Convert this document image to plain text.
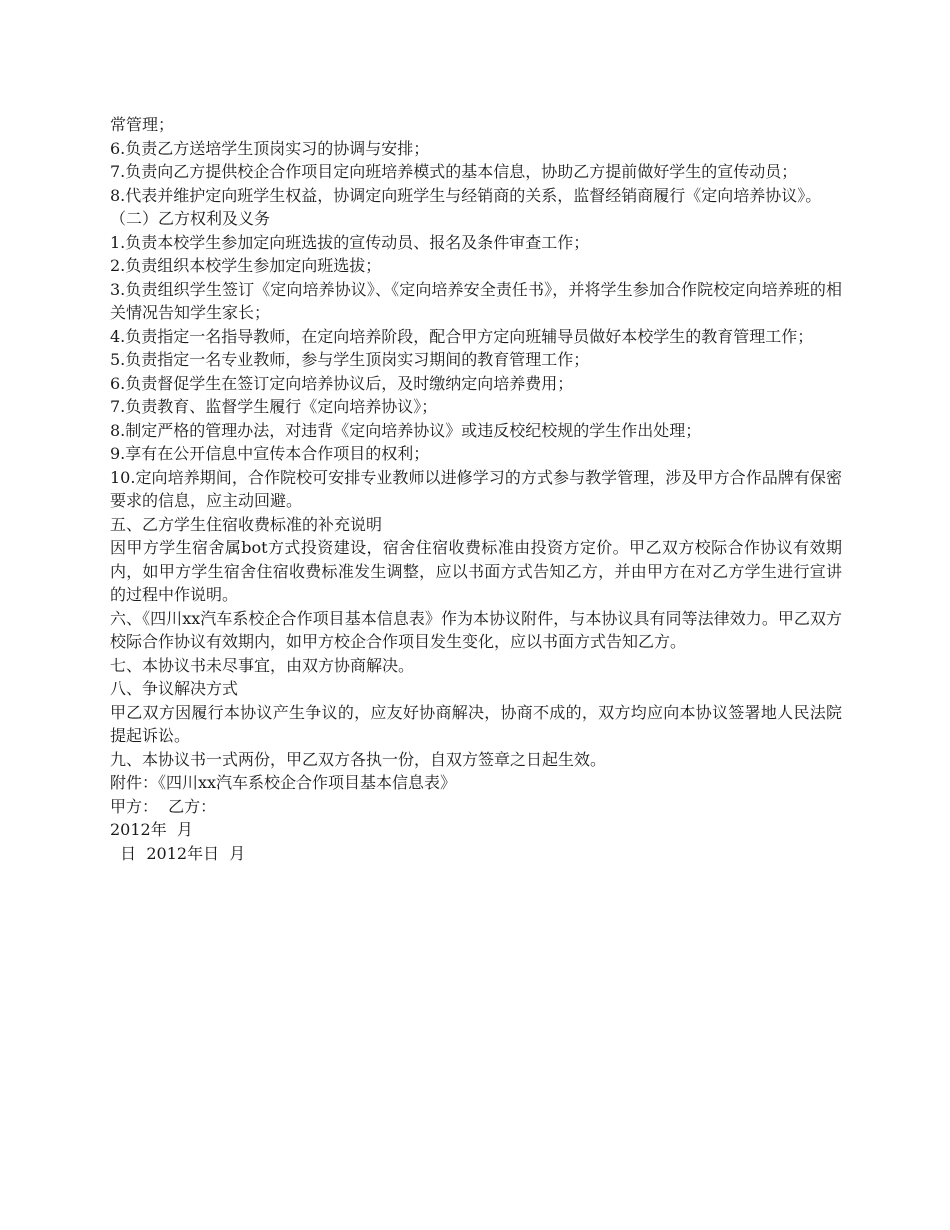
常管理；

6.负责乙方送培学生顶岗实习的协调与安排；

7.负责向乙方提供校企合作项目定向班培养模式的基本信息，协助乙方提前做好学生的宣传动员；

8.代表并维护定向班学生权益，协调定向班学生与经销商的关系，监督经销商履行《定向培养协议》。

（二）乙方权利及义务

1.负责本校学生参加定向班选拔的宣传动员、报名及条件审查工作；

2.负责组织本校学生参加定向班选拔；

3.负责组织学生签订《定向培养协议》、《定向培养安全责任书》，并将学生参加合作院校定向培养班的相关情况告知学生家长；

4.负责指定一名指导教师，在定向培养阶段，配合甲方定向班辅导员做好本校学生的教育管理工作；

5.负责指定一名专业教师，参与学生顶岗实习期间的教育管理工作；

6.负责督促学生在签订定向培养协议后，及时缴纳定向培养费用；

7.负责教育、监督学生履行《定向培养协议》；

8.制定严格的管理办法，对违背《定向培养协议》或违反校纪校规的学生作出处理；

9.享有在公开信息中宣传本合作项目的权利；

10.定向培养期间，合作院校可安排专业教师以进修学习的方式参与教学管理，涉及甲方合作品牌有保密要求的信息，应主动回避。

五、乙方学生住宿收费标准的补充说明

因甲方学生宿舍属bot方式投资建设，宿舍住宿收费标准由投资方定价。甲乙双方校际合作协议有效期内，如甲方学生宿舍住宿收费标准发生调整，应以书面方式告知乙方，并由甲方在对乙方学生进行宣讲的过程中作说明。

六、《四川xx汽车系校企合作项目基本信息表》作为本协议附件，与本协议具有同等法律效力。甲乙双方校际合作协议有效期内，如甲方校企合作项目发生变化，应以书面方式告知乙方。

七、本协议书未尽事宜，由双方协商解决。

八、争议解决方式

甲乙双方因履行本协议产生争议的，应友好协商解决，协商不成的，双方均应向本协议签署地人民法院提起诉讼。

九、本协议书一式两份，甲乙双方各执一份，自双方签章之日起生效。

附件：《四川xx汽车系校企合作项目基本信息表》

甲方：  乙方：

2012年  月

日  2012年日  月
